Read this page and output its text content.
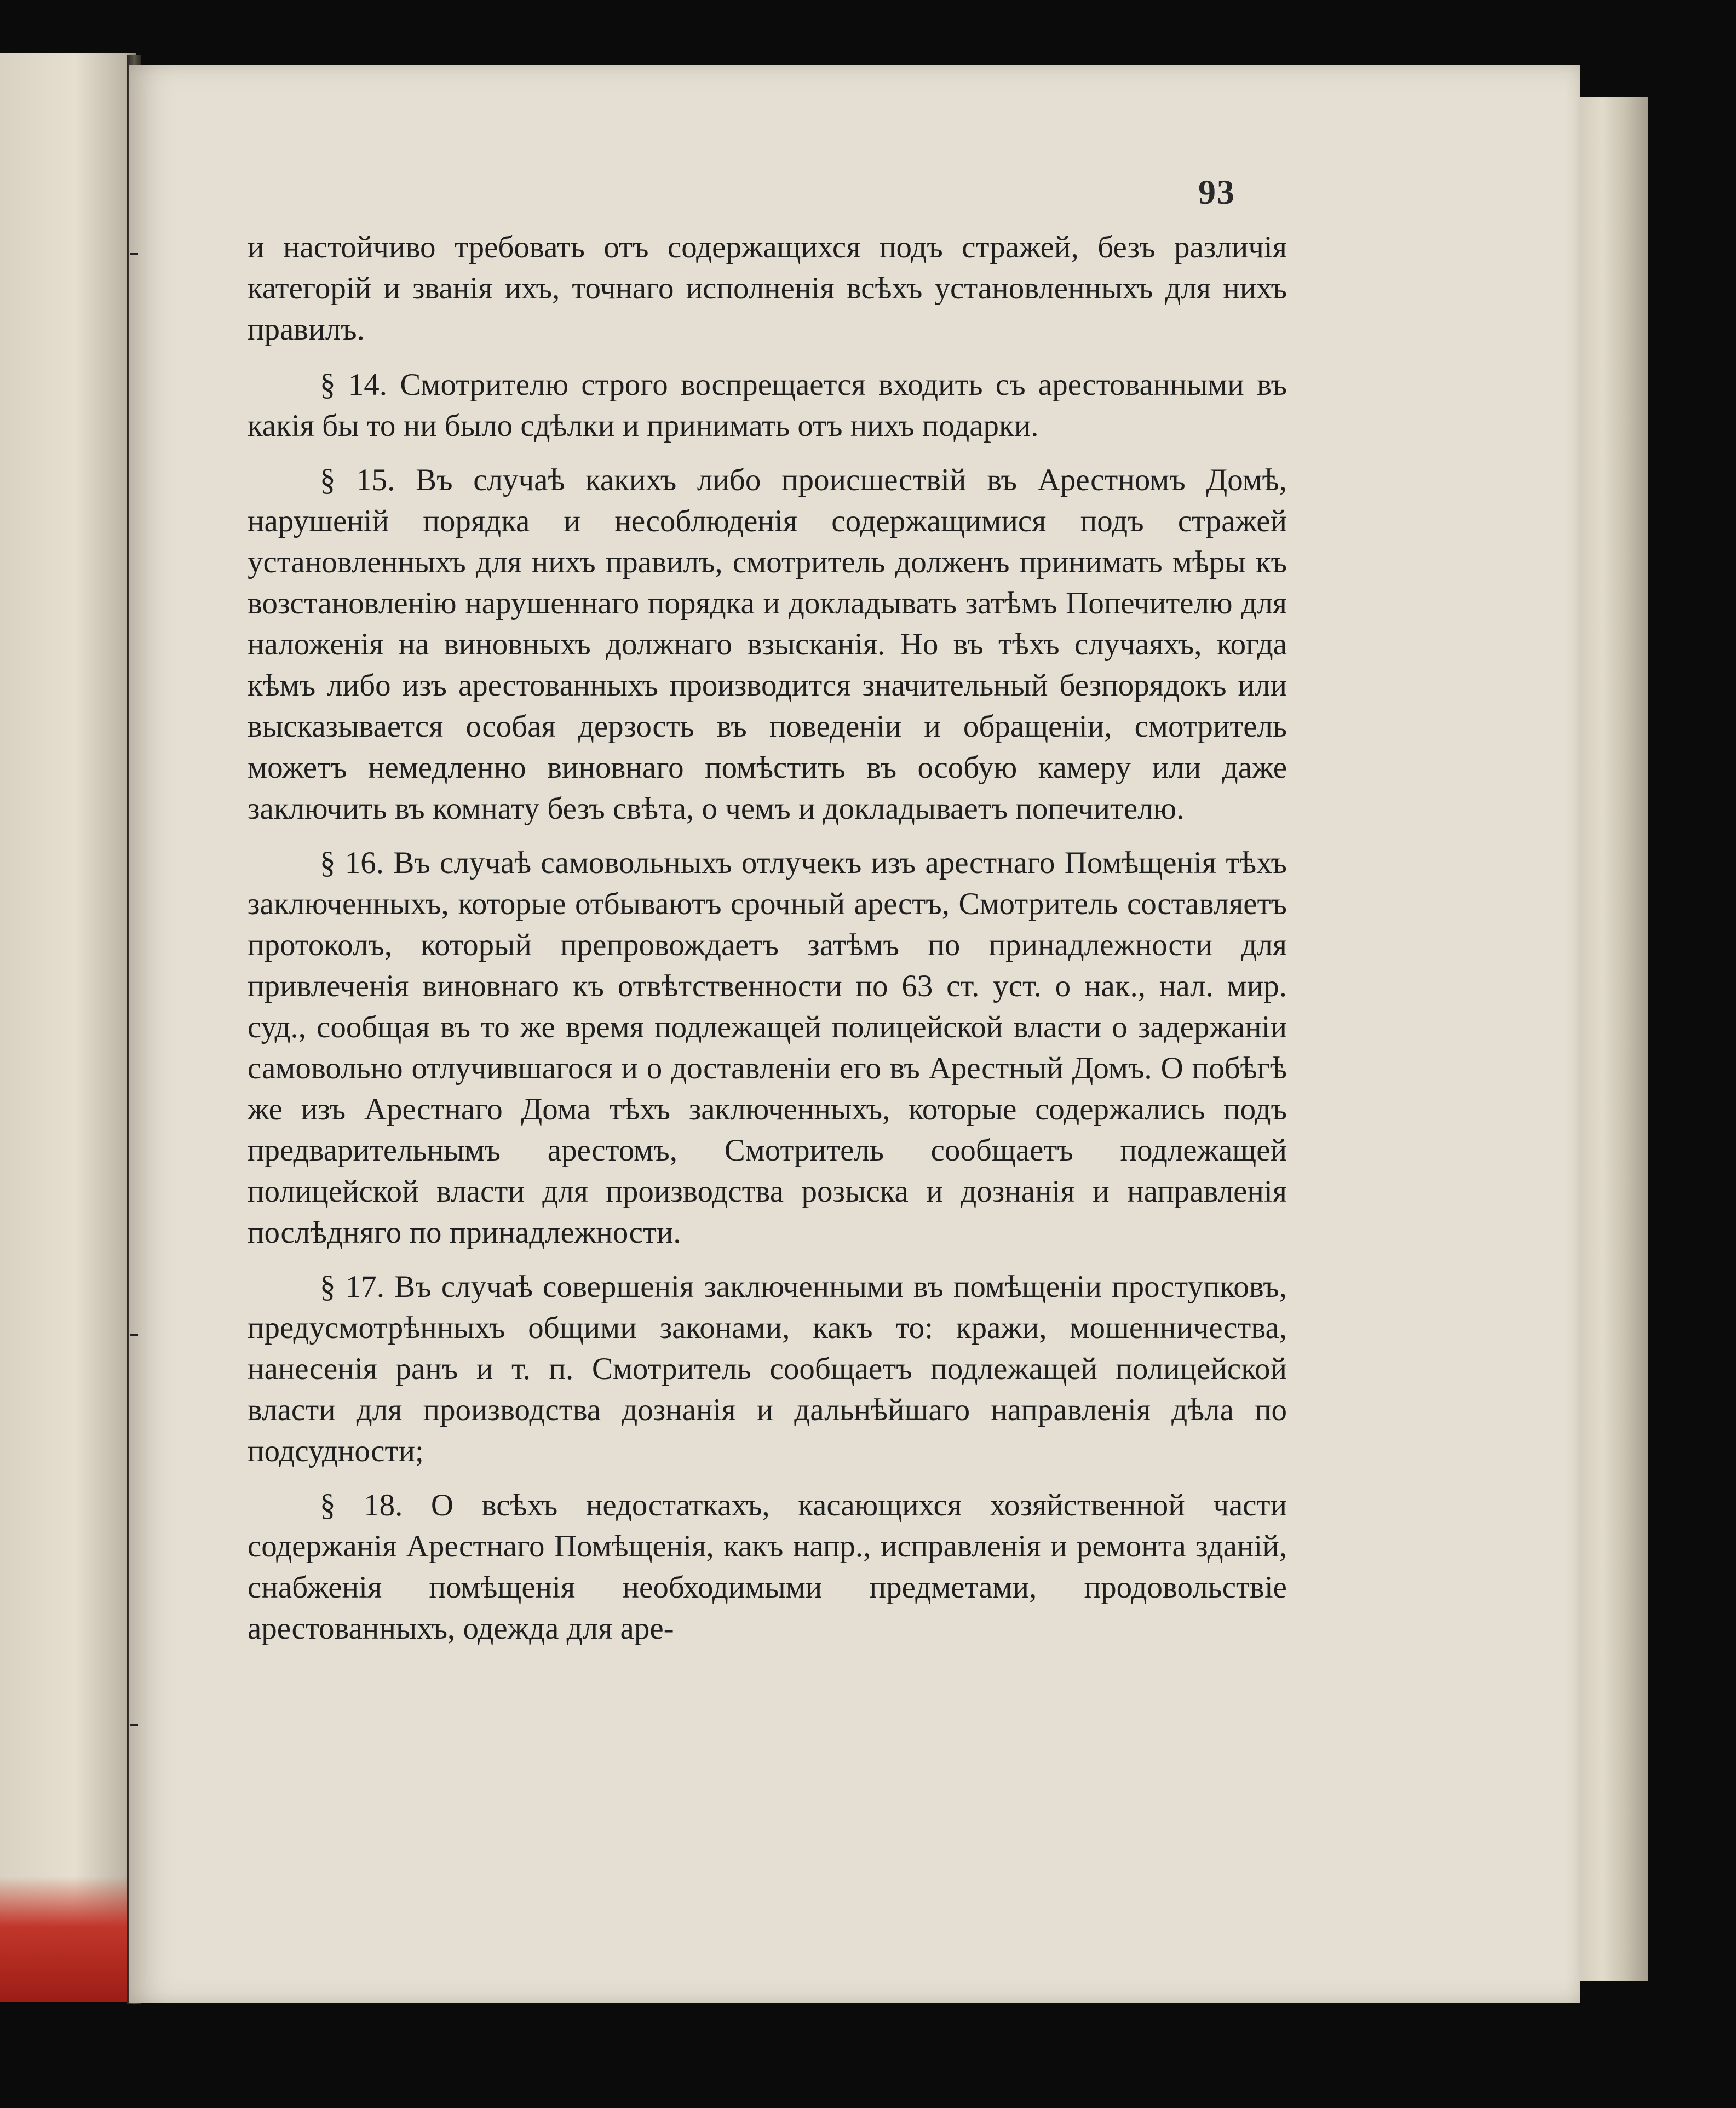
93

и настойчиво требовать отъ содержащихся подъ стражей, безъ различія категорій и званія ихъ, точнаго исполненія всѣхъ установленныхъ для нихъ правилъ.

§ 14. Смотрителю строго воспрещается входить съ арестованными въ какія бы то ни было сдѣлки и принимать отъ нихъ подарки.

§ 15. Въ случаѣ какихъ либо происшествій въ Арестномъ Домѣ, нарушеній порядка и несоблюденія содержащимися подъ стражей установленныхъ для нихъ правилъ, смотритель долженъ принимать мѣры къ возстановленію нарушеннаго порядка и докладывать затѣмъ Попечителю для наложенія на виновныхъ должнаго взысканія. Но въ тѣхъ случаяхъ, когда кѣмъ либо изъ арестованныхъ производится значительный безпорядокъ или высказывается особая дерзость въ поведеніи и обращеніи, смотритель можетъ немедленно виновнаго помѣстить въ особую камеру или даже заключить въ комнату безъ свѣта, о чемъ и докладываетъ попечителю.

§ 16. Въ случаѣ самовольныхъ отлучекъ изъ арестнаго Помѣщенія тѣхъ заключенныхъ, которые отбываютъ срочный арестъ, Смотритель составляетъ протоколъ, который препровождаетъ затѣмъ по принадлежности для привлеченія виновнаго къ отвѣтственности по 63 ст. уст. о нак., нал. мир. суд., сообщая въ то же время подлежащей полицейской власти о задержаніи самовольно отлучившагося и о доставленіи его въ Арестный Домъ. О побѣгѣ же изъ Арестнаго Дома тѣхъ заключенныхъ, которые содержались подъ предварительнымъ арестомъ, Смотритель сообщаетъ подлежащей полицейской власти для производства розыска и дознанія и направленія послѣдняго по принадлежности.

§ 17. Въ случаѣ совершенія заключенными въ помѣщеніи проступковъ, предусмотрѣнныхъ общими законами, какъ то: кражи, мошенничества, нанесенія ранъ и т. п. Смотритель сообщаетъ подлежащей полицейской власти для производства дознанія и дальнѣйшаго направленія дѣла по подсудности;

§ 18. О всѣхъ недостаткахъ, касающихся хозяйственной части содержанія Арестнаго Помѣщенія, какъ напр., исправленія и ремонта зданій, снабженія помѣщенія необходимыми предметами, продовольствіе арестованныхъ, одежда для аре-
